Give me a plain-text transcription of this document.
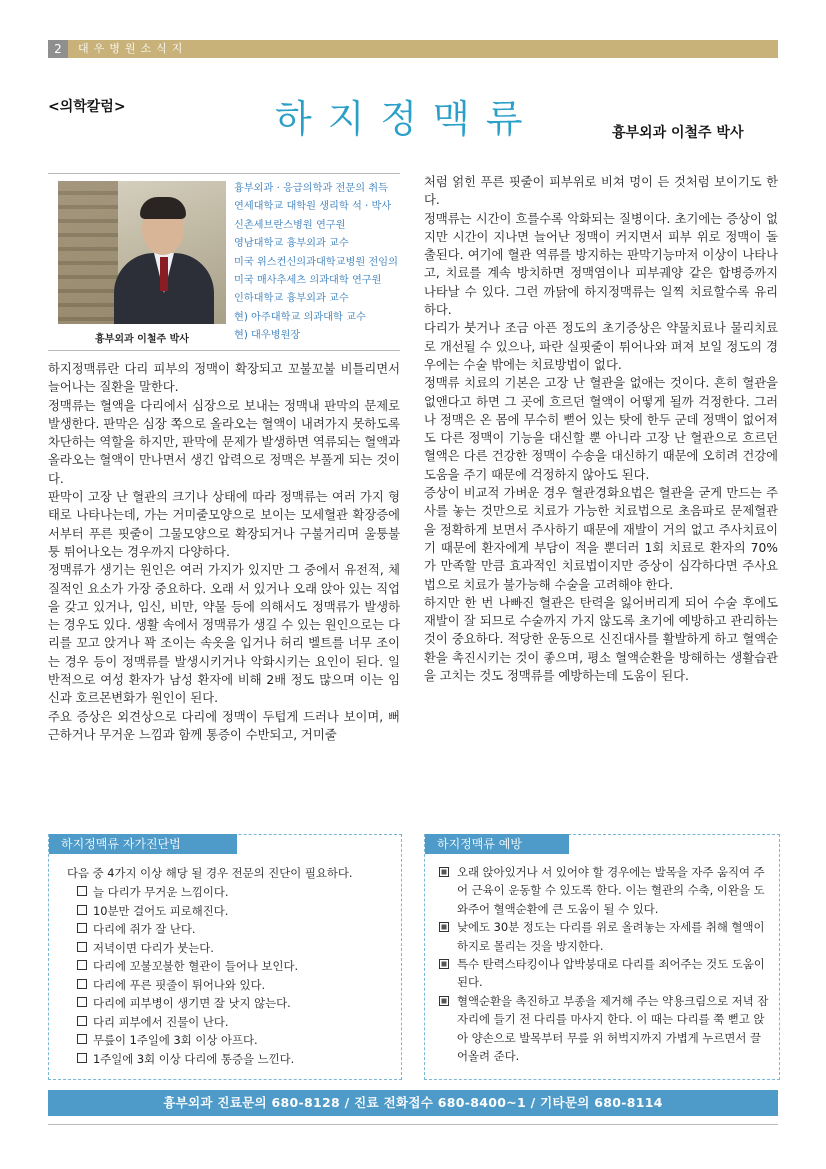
2	대우병원소식지
<의학칼럼>	하지정맥류	흉부외과 이철주 박사
흉부외과 이철주 박사
흉부외과 · 응급의학과 전문의 취득
연세대학교 대학원 생리학 석 · 박사
신촌세브란스병원 연구원
영남대학교 흉부외과 교수
미국 위스컨신의과대학교병원 전임의
미국 매사추세츠 의과대학 연구원
인하대학교 흉부외과 교수
현) 아주대학교 의과대학 교수
현) 대우병원장

하지정맥류란 다리 피부의 정맥이 확장되고 꼬불꼬불 비틀리면서 늘어나는 질환을 말한다.

정맥류는 혈액을 다리에서 심장으로 보내는 정맥내 판막의 문제로 발생한다. 판막은 심장 쪽으로 올라오는 혈액이 내려가지 못하도록 차단하는 역할을 하지만, 판막에 문제가 발생하면 역류되는 혈액과 올라오는 혈액이 만나면서 생긴 압력으로 정맥은 부풀게 되는 것이다.

판막이 고장 난 혈관의 크기나 상태에 따라 정맥류는 여러 가지 형태로 나타나는데, 가는 거미줄모양으로 보이는 모세혈관 확장증에서부터 푸른 핏줄이 그물모양으로 확장되거나 구불거리며 울퉁불퉁 튀어나오는 경우까지 다양하다.

정맥류가 생기는 원인은 여러 가지가 있지만 그 중에서 유전적, 체질적인 요소가 가장 중요하다. 오래 서 있거나 오래 앉아 있는 직업을 갖고 있거나, 임신, 비만, 약물 등에 의해서도 정맥류가 발생하는 경우도 있다. 생활 속에서 정맥류가 생길 수 있는 원인으로는 다리를 꼬고 앉거나 꽉 조이는 속옷을 입거나 허리 벨트를 너무 조이는 경우 등이 정맥류를 발생시키거나 악화시키는 요인이 된다. 일반적으로 여성 환자가 남성 환자에 비해 2배 정도 많으며 이는 임신과 호르몬변화가 원인이 된다.

주요 증상은 외견상으로 다리에 정맥이 두텁게 드러나 보이며, 뻐근하거나 무거운 느낌과 함께 통증이 수반되고, 거미줄

처럼 얽힌 푸른 핏줄이 피부위로 비쳐 멍이 든 것처럼 보이기도 한다.

정맥류는 시간이 흐를수록 악화되는 질병이다. 초기에는 증상이 없지만 시간이 지나면 늘어난 정맥이 커지면서 피부 위로 정맥이 돌출된다. 여기에 혈관 역류를 방지하는 판막기능마저 이상이 나타나고, 치료를 계속 방치하면 정맥염이나 피부궤양 같은 합병증까지 나타날 수 있다. 그런 까닭에 하지정맥류는 일찍 치료할수록 유리하다.

다리가 붓거나 조금 아픈 정도의 초기증상은 약물치료나 물리치료로 개선될 수 있으나, 파란 실핏줄이 튀어나와 펴져 보일 정도의 경우에는 수술 밖에는 치료방법이 없다.

정맥류 치료의 기본은 고장 난 혈관을 없애는 것이다. 흔히 혈관을 없앤다고 하면 그 곳에 흐르던 혈액이 어떻게 될까 걱정한다. 그러나 정맥은 온 몸에 무수히 뻗어 있는 탓에 한두 군데 정맥이 없어져도 다른 정맥이 기능을 대신할 뿐 아니라 고장 난 혈관으로 흐르던 혈액은 다른 건강한 정맥이 수송을 대신하기 때문에 오히려 건강에 도움을 주기 때문에 걱정하지 않아도 된다.

증상이 비교적 가벼운 경우 혈관경화요법은 혈관을 굳게 만드는 주사를 놓는 것만으로 치료가 가능한 치료법으로 초음파로 문제혈관을 정확하게 보면서 주사하기 때문에 재발이 거의 없고 주사치료이기 때문에 환자에게 부담이 적을 뿐더러 1회 치료로 환자의 70%가 만족할 만큼 효과적인 치료법이지만 증상이 심각하다면 주사요법으로 치료가 불가능해 수술을 고려해야 한다.

하지만 한 번 나빠진 혈관은 탄력을 잃어버리게 되어 수술 후에도 재발이 잘 되므로 수술까지 가지 않도록 초기에 예방하고 관리하는 것이 중요하다. 적당한 운동으로 신진대사를 활발하게 하고 혈액순환을 촉진시키는 것이 좋으며, 평소 혈액순환을 방해하는 생활습관을 고치는 것도 정맥류를 예방하는데 도움이 된다.

하지정맥류 자가진단법
다음 중 4가지 이상 해당 될 경우 전문의 진단이 필요하다.
늘 다리가 무거운 느낌이다.
10분만 걸어도 피로해진다.
다리에 쥐가 잘 난다.
저녁이면 다리가 붓는다.
다리에 꼬불꼬불한 혈관이 들어나 보인다.
다리에 푸른 핏줄이 튀어나와 있다.
다리에 피부병이 생기면 잘 낫지 않는다.
다리 피부에서 진물이 난다.
무릎이 1주일에 3회 이상 아프다.
1주일에 3회 이상 다리에 통증을 느낀다.
하지정맥류 예방
오래 앉아있거나 서 있어야 할 경우에는 발목을 자주 움직여 주어 근육이 운동할 수 있도록 한다. 이는 혈관의 수축, 이완을 도와주어 혈액순환에 큰 도움이 될 수 있다.
낮에도 30분 정도는 다리를 위로 올려놓는 자세를 취해 혈액이 하지로 몰리는 것을 방지한다.
특수 탄력스타킹이나 압박붕대로 다리를 죄어주는 것도 도움이 된다.
혈액순환을 촉진하고 부종을 제거해 주는 약용크림으로 저녁 잠자리에 들기 전 다리를 마사지 한다. 이 때는 다리를 쭉 뻗고 앉아 양손으로 발목부터 무릎 위 허벅지까지 가볍게 누르면서 끌어올려 준다.
흉부외과 진료문의 680-8128 / 진료 전화접수 680-8400~1 / 기타문의 680-8114
